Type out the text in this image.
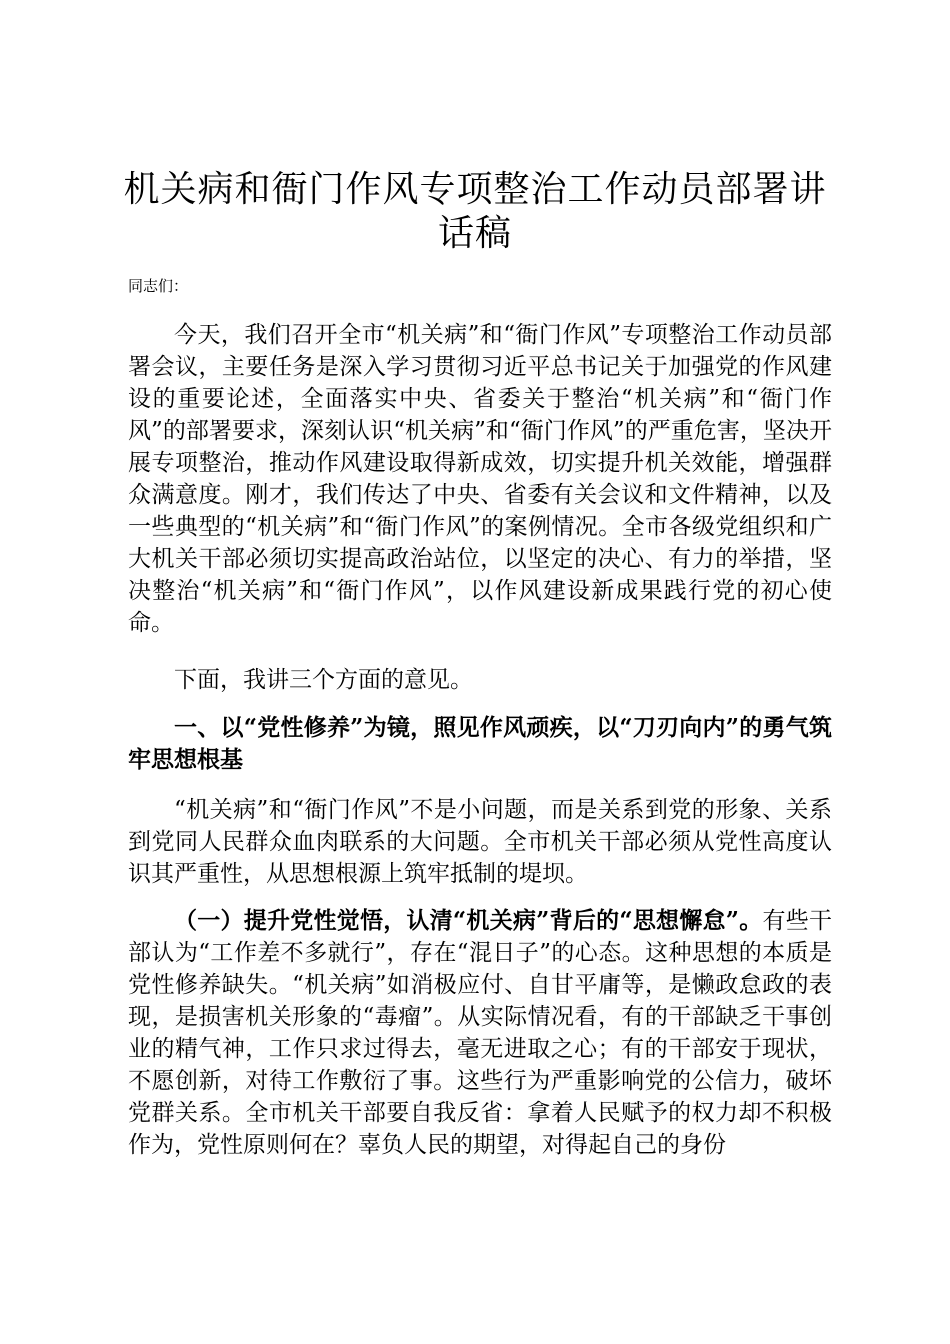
机关病和衙门作风专项整治工作动员部署讲话稿
同志们：

今天，我们召开全市“机关病”和“衙门作风”专项整治工作动员部署会议，主要任务是深入学习贯彻习近平总书记关于加强党的作风建设的重要论述，全面落实中央、省委关于整治“机关病”和“衙门作风”的部署要求，深刻认识“机关病”和“衙门作风”的严重危害，坚决开展专项整治，推动作风建设取得新成效，切实提升机关效能，增强群众满意度。刚才，我们传达了中央、省委有关会议和文件精神，以及一些典型的“机关病”和“衙门作风”的案例情况。全市各级党组织和广大机关干部必须切实提高政治站位，以坚定的决心、有力的举措，坚决整治“机关病”和“衙门作风”，以作风建设新成果践行党的初心使命。

下面，我讲三个方面的意见。

一、以“党性修养”为镜，照见作风顽疾，以“刀刃向内”的勇气筑牢思想根基

“机关病”和“衙门作风”不是小问题，而是关系到党的形象、关系到党同人民群众血肉联系的大问题。全市机关干部必须从党性高度认识其严重性，从思想根源上筑牢抵制的堤坝。

（一）提升党性觉悟，认清“机关病”背后的“思想懈怠”。有些干部认为“工作差不多就行”，存在“混日子”的心态。这种思想的本质是党性修养缺失。“机关病”如消极应付、自甘平庸等，是懒政怠政的表现，是损害机关形象的“毒瘤”。从实际情况看，有的干部缺乏干事创业的精气神，工作只求过得去，毫无进取之心；有的干部安于现状，不愿创新，对待工作敷衍了事。这些行为严重影响党的公信力，破坏党群关系。全市机关干部要自我反省：拿着人民赋予的权力却不积极作为，党性原则何在？辜负人民的期望，对得起自己的身份
